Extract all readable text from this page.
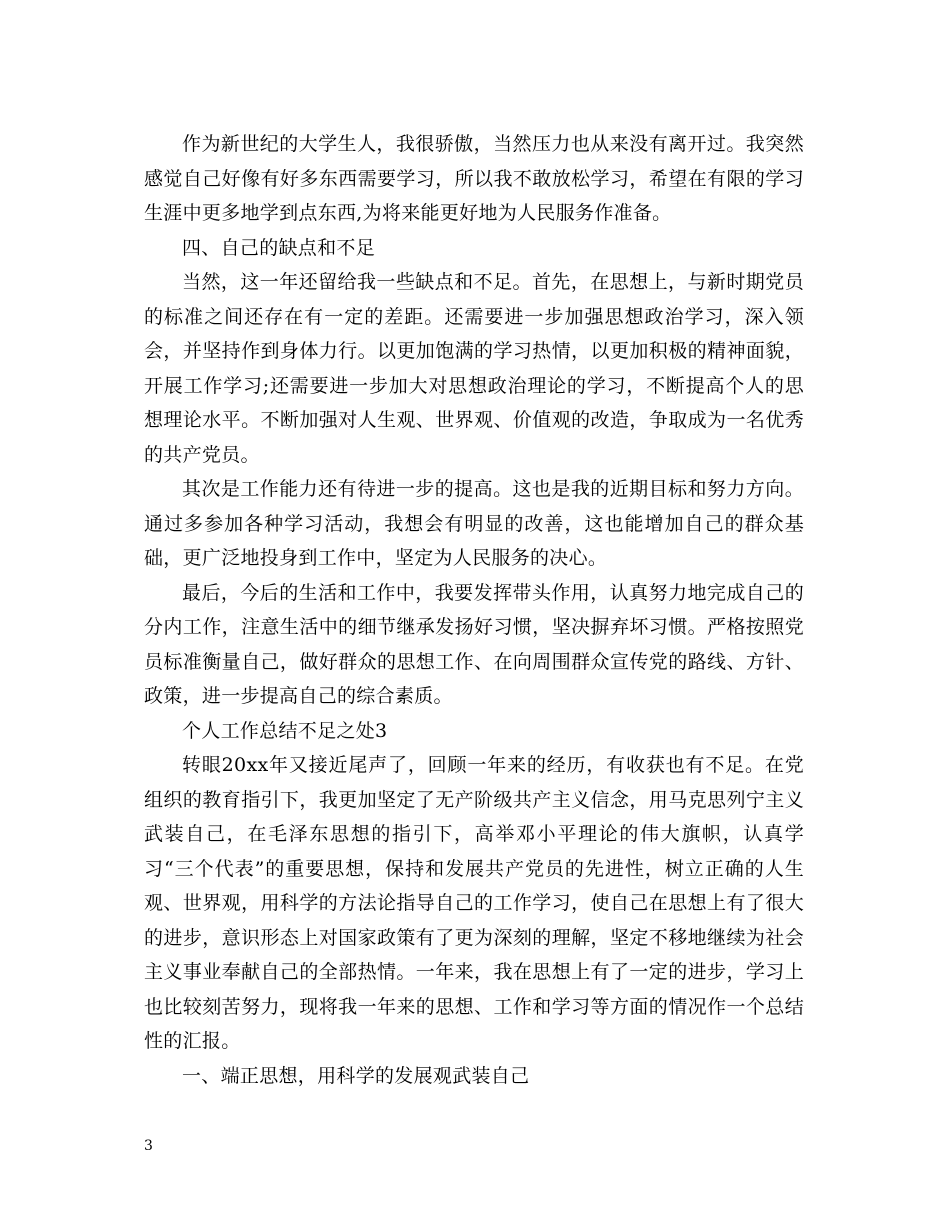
作为新世纪的大学生人，我很骄傲，当然压力也从来没有离开过。我突然感觉自己好像有好多东西需要学习，所以我不敢放松学习，希望在有限的学习生涯中更多地学到点东西,为将来能更好地为人民服务作准备。

四、自己的缺点和不足

当然，这一年还留给我一些缺点和不足。首先，在思想上，与新时期党员的标准之间还存在有一定的差距。还需要进一步加强思想政治学习，深入领会，并坚持作到身体力行。以更加饱满的学习热情，以更加积极的精神面貌，开展工作学习;还需要进一步加大对思想政治理论的学习，不断提高个人的思想理论水平。不断加强对人生观、世界观、价值观的改造，争取成为一名优秀的共产党员。

其次是工作能力还有待进一步的提高。这也是我的近期目标和努力方向。通过多参加各种学习活动，我想会有明显的改善，这也能增加自己的群众基础，更广泛地投身到工作中，坚定为人民服务的决心。

最后，今后的生活和工作中，我要发挥带头作用，认真努力地完成自己的分内工作，注意生活中的细节继承发扬好习惯，坚决摒弃坏习惯。严格按照党员标准衡量自己，做好群众的思想工作、在向周围群众宣传党的路线、方针、政策，进一步提高自己的综合素质。

个人工作总结不足之处3

转眼20xx年又接近尾声了，回顾一年来的经历，有收获也有不足。在党组织的教育指引下，我更加坚定了无产阶级共产主义信念，用马克思列宁主义武装自己，在毛泽东思想的指引下，高举邓小平理论的伟大旗帜，认真学习“三个代表”的重要思想，保持和发展共产党员的先进性，树立正确的人生观、世界观，用科学的方法论指导自己的工作学习，使自己在思想上有了很大的进步，意识形态上对国家政策有了更为深刻的理解，坚定不移地继续为社会主义事业奉献自己的全部热情。一年来，我在思想上有了一定的进步，学习上也比较刻苦努力，现将我一年来的思想、工作和学习等方面的情况作一个总结性的汇报。

一、端正思想，用科学的发展观武装自己

3
